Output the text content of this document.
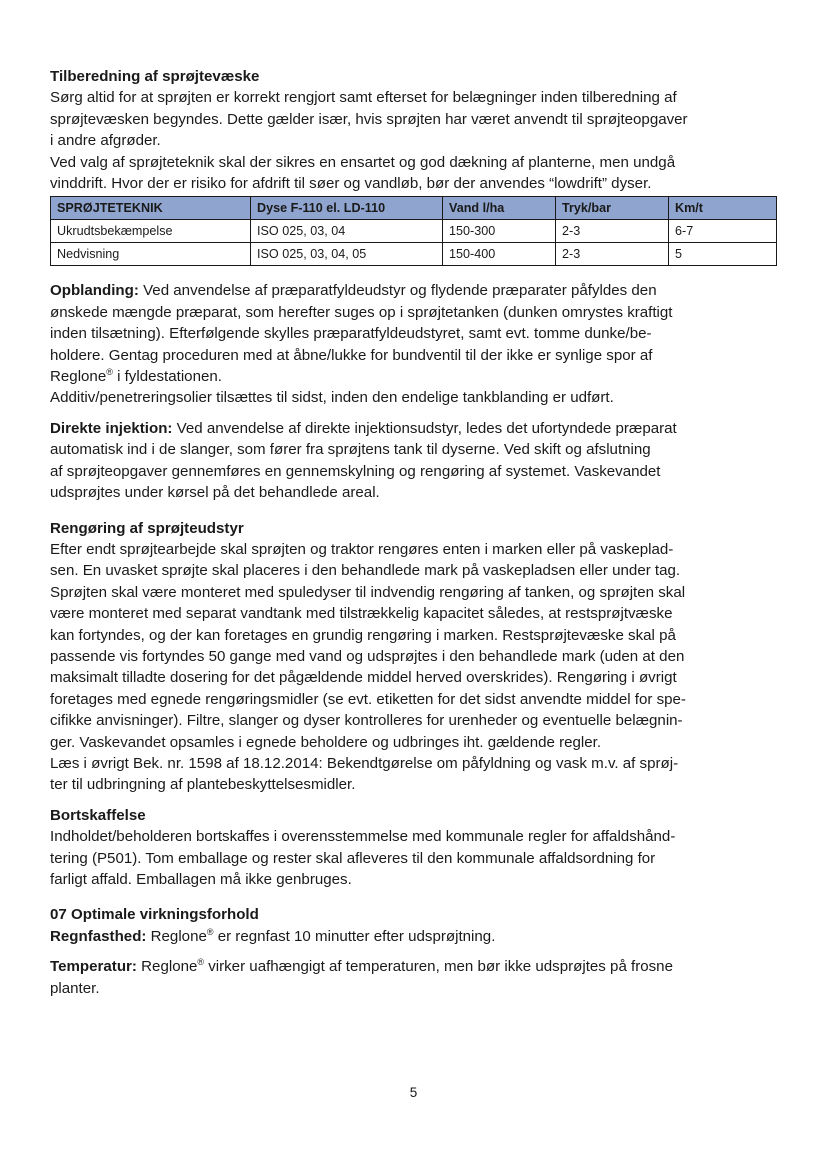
Tilberedning af sprøjtevæske

Sørg altid for at sprøjten er korrekt rengjort samt efterset for belægninger inden tilberedning af

sprøjtevæsken begyndes. Dette gælder især, hvis sprøjten har været anvendt til sprøjteopgaver

i andre afgrøder.

Ved valg af sprøjteteknik skal der sikres en ensartet og god dækning af planterne, men undgå

vinddrift. Hvor der er risiko for afdrift til søer og vandløb, bør der anvendes “lowdrift” dyser.

SPRØJTETEKNIK	Dyse F-110 el. LD-110	Vand l/ha	Tryk/bar	Km/t
Ukrudtsbekæmpelse	ISO 025, 03, 04	150-300	2-3	6-7
Nedvisning	ISO 025, 03, 04, 05	150-400	2-3	5

Opblanding: Ved anvendelse af præparatfyldeudstyr og flydende præparater påfyldes den

ønskede mængde præparat, som herefter suges op i sprøjtetanken (dunken omrystes kraftigt

inden tilsætning). Efterfølgende skylles præparatfyldeudstyret, samt evt. tomme dunke/be-

holdere. Gentag proceduren med at åbne/lukke for bundventil til der ikke er synlige spor af

Reglone® i fyldestationen.

Additiv/penetreringsolier tilsættes til sidst, inden den endelige tankblanding er udført.

Direkte injektion: Ved anvendelse af direkte injektionsudstyr, ledes det ufortyndede præparat

automatisk ind i de slanger, som fører fra sprøjtens tank til dyserne. Ved skift og afslutning

af sprøjteopgaver gennemføres en gennemskylning og rengøring af systemet. Vaskevandet

udsprøjtes under kørsel på det behandlede areal.

Rengøring af sprøjteudstyr

Efter endt sprøjtearbejde skal sprøjten og traktor rengøres enten i marken eller på vaskeplad-

sen. En uvasket sprøjte skal placeres i den behandlede mark på vaskepladsen eller under tag.

Sprøjten skal være monteret med spuledyser til indvendig rengøring af tanken, og sprøjten skal

være monteret med separat vandtank med tilstrækkelig kapacitet således, at restsprøjtvæske

kan fortyndes, og der kan foretages en grundig rengøring i marken. Restsprøjtevæske skal på

passende vis fortyndes 50 gange med vand og udsprøjtes i den behandlede mark (uden at den

maksimalt tilladte dosering for det pågældende middel herved overskrides). Rengøring i øvrigt

foretages med egnede rengøringsmidler (se evt. etiketten for det sidst anvendte middel for spe-

cifikke anvisninger). Filtre, slanger og dyser kontrolleres for urenheder og eventuelle belægnin-

ger. Vaskevandet opsamles i egnede beholdere og udbringes iht. gældende regler.

Læs i øvrigt Bek. nr. 1598 af 18.12.2014: Bekendtgørelse om påfyldning og vask m.v. af sprøj-

ter til udbringning af plantebeskyttelsesmidler.

Bortskaffelse

Indholdet/beholderen bortskaffes i overensstemmelse med kommunale regler for affaldshånd-

tering (P501). Tom emballage og rester skal afleveres til den kommunale affaldsordning for

farligt affald. Emballagen må ikke genbruges.

07 Optimale virkningsforhold

Regnfasthed: Reglone® er regnfast 10 minutter efter udsprøjtning.

Temperatur: Reglone® virker uafhængigt af temperaturen, men bør ikke udsprøjtes på frosne

planter.

5
